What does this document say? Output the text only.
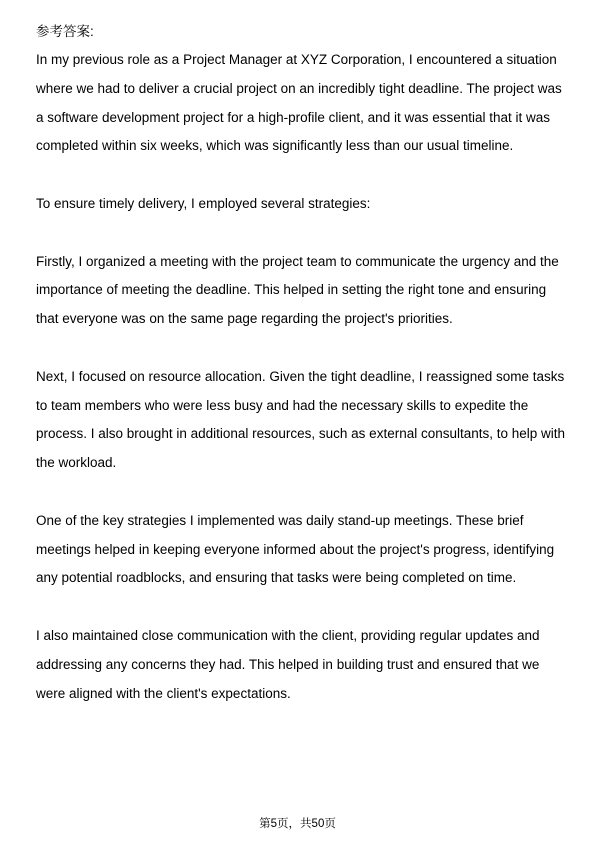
参考答案:

In my previous role as a Project Manager at XYZ Corporation, I encountered a situation where we had to deliver a crucial project on an incredibly tight deadline. The project was a software development project for a high-profile client, and it was essential that it was completed within six weeks, which was significantly less than our usual timeline.

To ensure timely delivery, I employed several strategies:

Firstly, I organized a meeting with the project team to communicate the urgency and the importance of meeting the deadline. This helped in setting the right tone and ensuring that everyone was on the same page regarding the project's priorities.

Next, I focused on resource allocation. Given the tight deadline, I reassigned some tasks to team members who were less busy and had the necessary skills to expedite the process. I also brought in additional resources, such as external consultants, to help with the workload.

One of the key strategies I implemented was daily stand-up meetings. These brief meetings helped in keeping everyone informed about the project's progress, identifying any potential roadblocks, and ensuring that tasks were being completed on time.

I also maintained close communication with the client, providing regular updates and addressing any concerns they had. This helped in building trust and ensured that we were aligned with the client's expectations.

第5页，共50页
